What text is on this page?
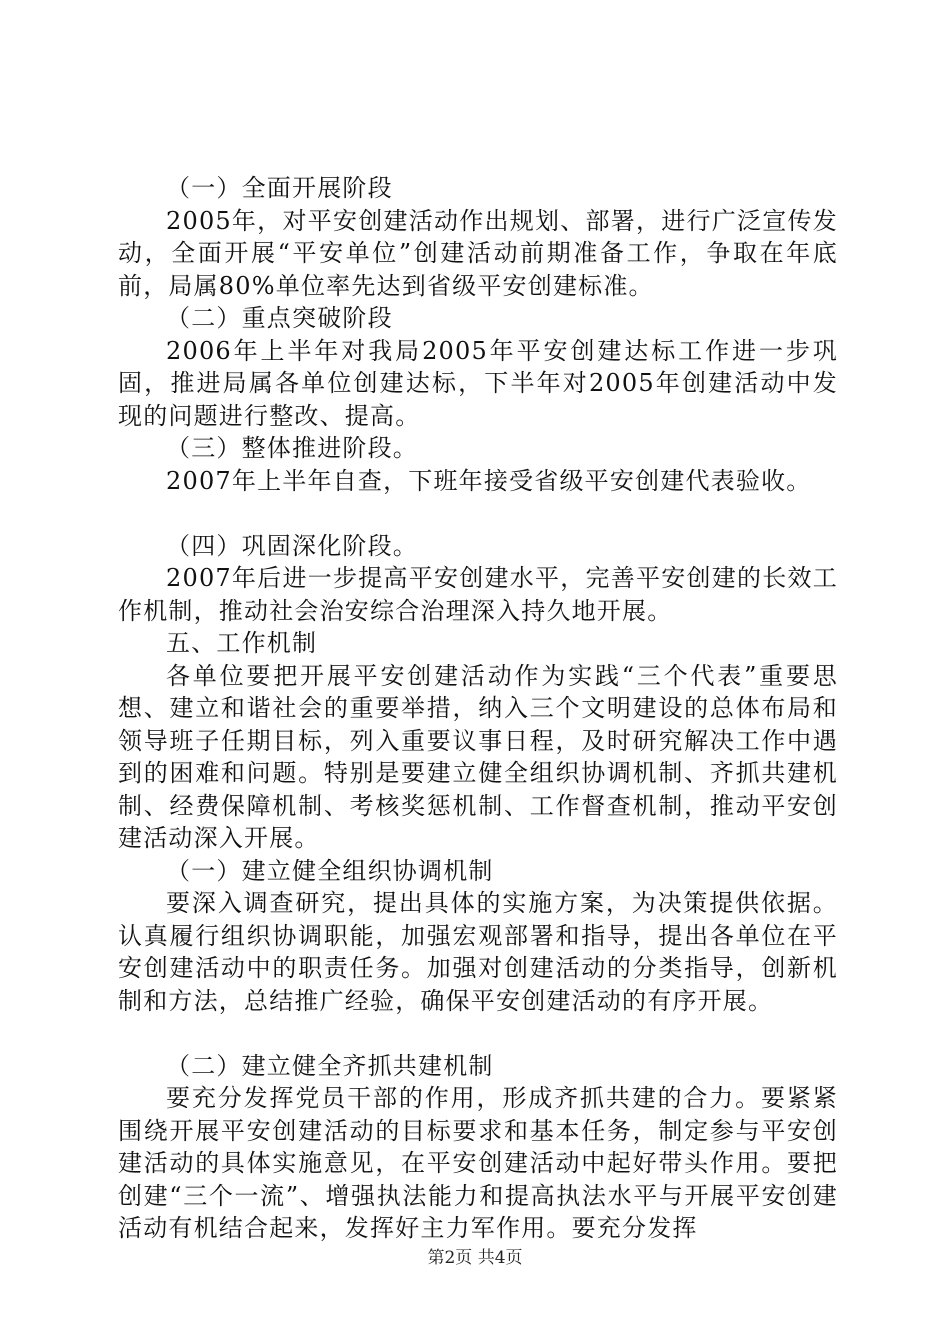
（一）全面开展阶段

2005年，对平安创建活动作出规划、部署，进行广泛宣传发动，全面开展“平安单位”创建活动前期准备工作，争取在年底前，局属80%单位率先达到省级平安创建标准。

（二）重点突破阶段

2006年上半年对我局2005年平安创建达标工作进一步巩固，推进局属各单位创建达标，下半年对2005年创建活动中发现的问题进行整改、提高。

（三）整体推进阶段。

2007年上半年自查，下班年接受省级平安创建代表验收。

（四）巩固深化阶段。

2007年后进一步提高平安创建水平，完善平安创建的长效工作机制，推动社会治安综合治理深入持久地开展。

五、工作机制

各单位要把开展平安创建活动作为实践“三个代表”重要思想、建立和谐社会的重要举措，纳入三个文明建设的总体布局和领导班子任期目标，列入重要议事日程，及时研究解决工作中遇到的困难和问题。特别是要建立健全组织协调机制、齐抓共建机制、经费保障机制、考核奖惩机制、工作督查机制，推动平安创建活动深入开展。

（一）建立健全组织协调机制

要深入调查研究，提出具体的实施方案，为决策提供依据。认真履行组织协调职能，加强宏观部署和指导，提出各单位在平安创建活动中的职责任务。加强对创建活动的分类指导，创新机制和方法，总结推广经验，确保平安创建活动的有序开展。

（二）建立健全齐抓共建机制

要充分发挥党员干部的作用，形成齐抓共建的合力。要紧紧围绕开展平安创建活动的目标要求和基本任务，制定参与平安创建活动的具体实施意见，在平安创建活动中起好带头作用。要把创建“三个一流”、增强执法能力和提高执法水平与开展平安创建活动有机结合起来，发挥好主力军作用。要充分发挥

第2页 共4页
